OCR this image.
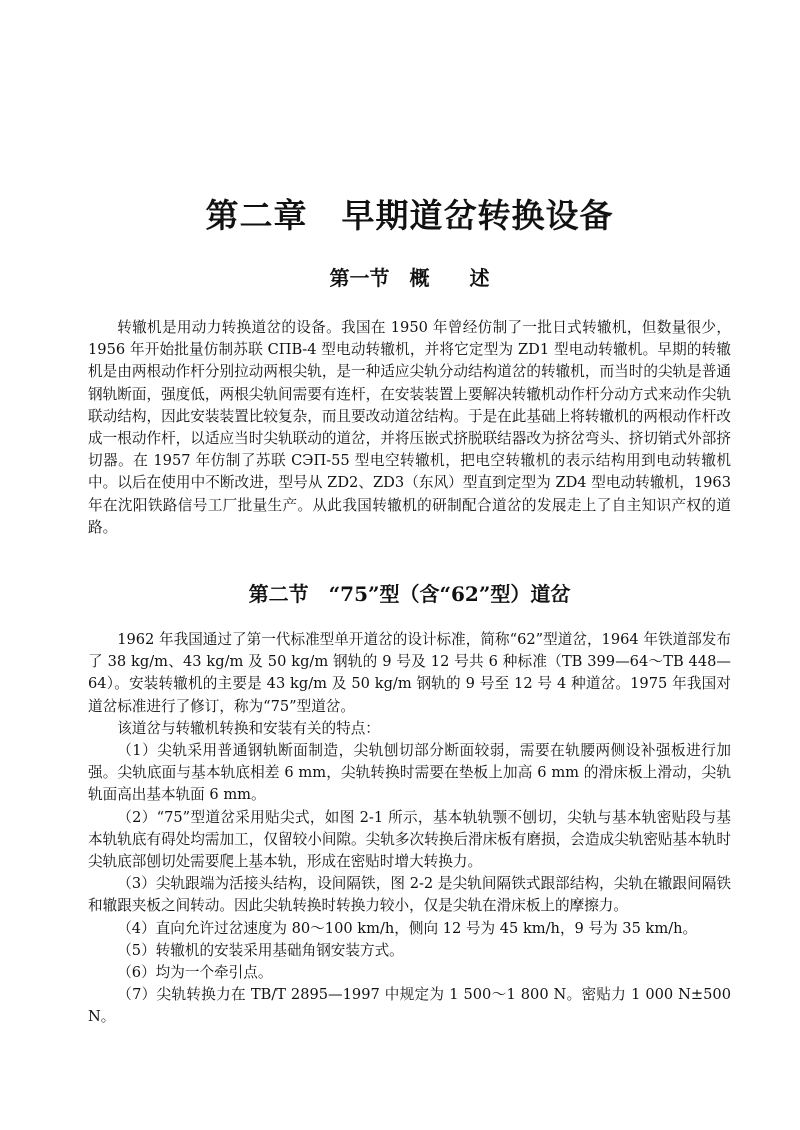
第二章　早期道岔转换设备
第一节　概　　述

转辙机是用动力转换道岔的设备。我国在 1950 年曾经仿制了一批日式转辙机，但数量很少，1956 年开始批量仿制苏联 СПВ-4 型电动转辙机，并将它定型为 ZD1 型电动转辙机。早期的转辙机是由两根动作杆分别拉动两根尖轨，是一种适应尖轨分动结构道岔的转辙机，而当时的尖轨是普通钢轨断面，强度低，两根尖轨间需要有连杆，在安装装置上要解决转辙机动作杆分动方式来动作尖轨联动结构，因此安装装置比较复杂，而且要改动道岔结构。于是在此基础上将转辙机的两根动作杆改成一根动作杆，以适应当时尖轨联动的道岔，并将压嵌式挤脱联结器改为挤岔弯头、挤切销式外部挤切器。在 1957 年仿制了苏联 СЭП-55 型电空转辙机，把电空转辙机的表示结构用到电动转辙机中。以后在使用中不断改进，型号从 ZD2、ZD3（东风）型直到定型为 ZD4 型电动转辙机，1963 年在沈阳铁路信号工厂批量生产。从此我国转辙机的研制配合道岔的发展走上了自主知识产权的道路。

第二节　“75”型（含“62”型）道岔

1962 年我国通过了第一代标准型单开道岔的设计标准，简称“62”型道岔，1964 年铁道部发布了 38 kg/m、43 kg/m 及 50 kg/m 钢轨的 9 号及 12 号共 6 种标准（TB 399—64～TB 448—64）。安装转辙机的主要是 43 kg/m 及 50 kg/m 钢轨的 9 号至 12 号 4 种道岔。1975 年我国对道岔标准进行了修订，称为“75”型道岔。

该道岔与转辙机转换和安装有关的特点：

（1）尖轨采用普通钢轨断面制造，尖轨刨切部分断面较弱，需要在轨腰两侧设补强板进行加强。尖轨底面与基本轨底相差 6 mm，尖轨转换时需要在垫板上加高 6 mm 的滑床板上滑动，尖轨轨面高出基本轨面 6 mm。

（2）“75”型道岔采用贴尖式，如图 2-1 所示，基本轨轨颚不刨切，尖轨与基本轨密贴段与基本轨轨底有碍处均需加工，仅留较小间隙。尖轨多次转换后滑床板有磨损，会造成尖轨密贴基本轨时尖轨底部刨切处需要爬上基本轨，形成在密贴时增大转换力。

（3）尖轨跟端为活接头结构，设间隔铁，图 2-2 是尖轨间隔铁式跟部结构，尖轨在辙跟间隔铁和辙跟夹板之间转动。因此尖轨转换时转换力较小，仅是尖轨在滑床板上的摩擦力。

（4）直向允许过岔速度为 80～100 km/h，侧向 12 号为 45 km/h，9 号为 35 km/h。

（5）转辙机的安装采用基础角钢安装方式。

（6）均为一个牵引点。

（7）尖轨转换力在 TB/T 2895—1997 中规定为 1 500～1 800 N。密贴力 1 000 N±500 N。
